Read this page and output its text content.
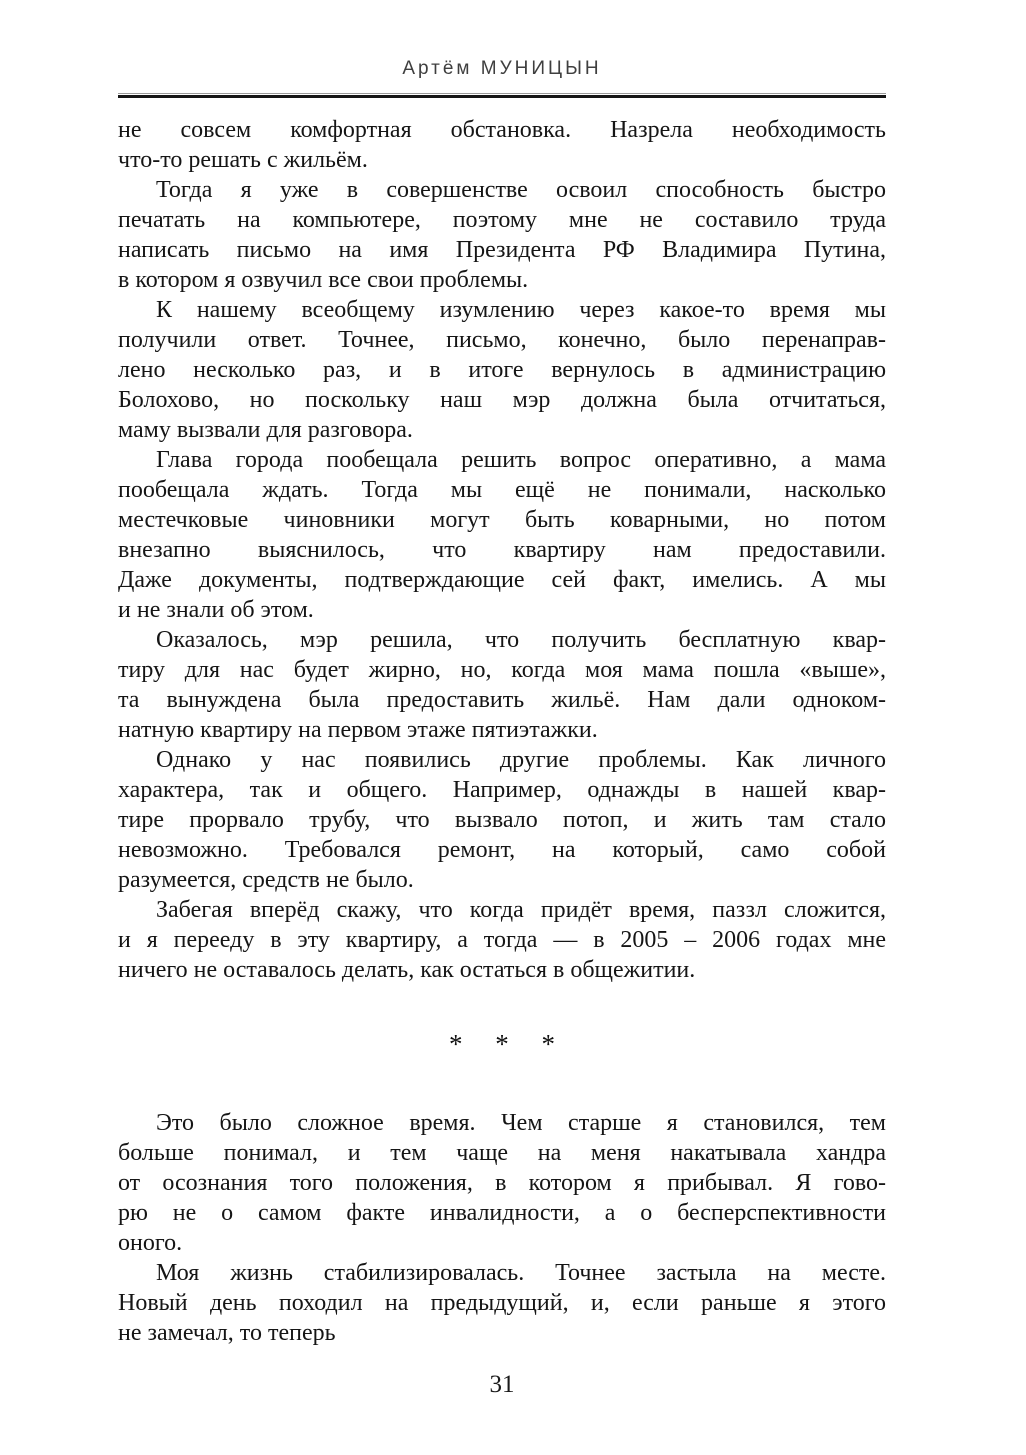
Артём МУНИЦЫН
не совсем комфортная обстановка. Назрела необходимость
что-то решать с жильём.
Тогда я уже в совершенстве освоил способность быстро
печатать на компьютере, поэтому мне не составило труда
написать письмо на имя Президента РФ Владимира Путина,
в котором я озвучил все свои проблемы.
К нашему всеобщему изумлению через какое-то время мы
получили ответ. Точнее, письмо, конечно, было перенаправ-
лено несколько раз, и в итоге вернулось в администрацию
Болохово, но поскольку наш мэр должна была отчитаться,
маму вызвали для разговора.
Глава города пообещала решить вопрос оперативно, а мама
пообещала ждать. Тогда мы ещё не понимали, насколько
местечковые чиновники могут быть коварными, но потом
внезапно выяснилось, что квартиру нам предоставили.
Даже документы, подтверждающие сей факт, имелись. А мы
и не знали об этом.
Оказалось, мэр решила, что получить бесплатную квар-
тиру для нас будет жирно, но, когда моя мама пошла «выше»,
та вынуждена была предоставить жильё. Нам дали одноком-
натную квартиру на первом этаже пятиэтажки.
Однако у нас появились другие проблемы. Как личного
характера, так и общего. Например, однажды в нашей квар-
тире прорвало трубу, что вызвало потоп, и жить там стало
невозможно. Требовался ремонт, на который, само собой
разумеется, средств не было.
Забегая вперёд скажу, что когда придёт время, паззл сложится,
и я перееду в эту квартиру, а тогда — в 2005 – 2006 годах мне
ничего не оставалось делать, как остаться в общежитии.
* * *
Это было сложное время. Чем старше я становился, тем
больше понимал, и тем чаще на меня накатывала хандра
от осознания того положения, в котором я прибывал. Я гово-
рю не о самом факте инвалидности, а о бесперспективности
оного.
Моя жизнь стабилизировалась. Точнее застыла на месте.
Новый день походил на предыдущий, и, если раньше я этого
не замечал, то теперь
31
